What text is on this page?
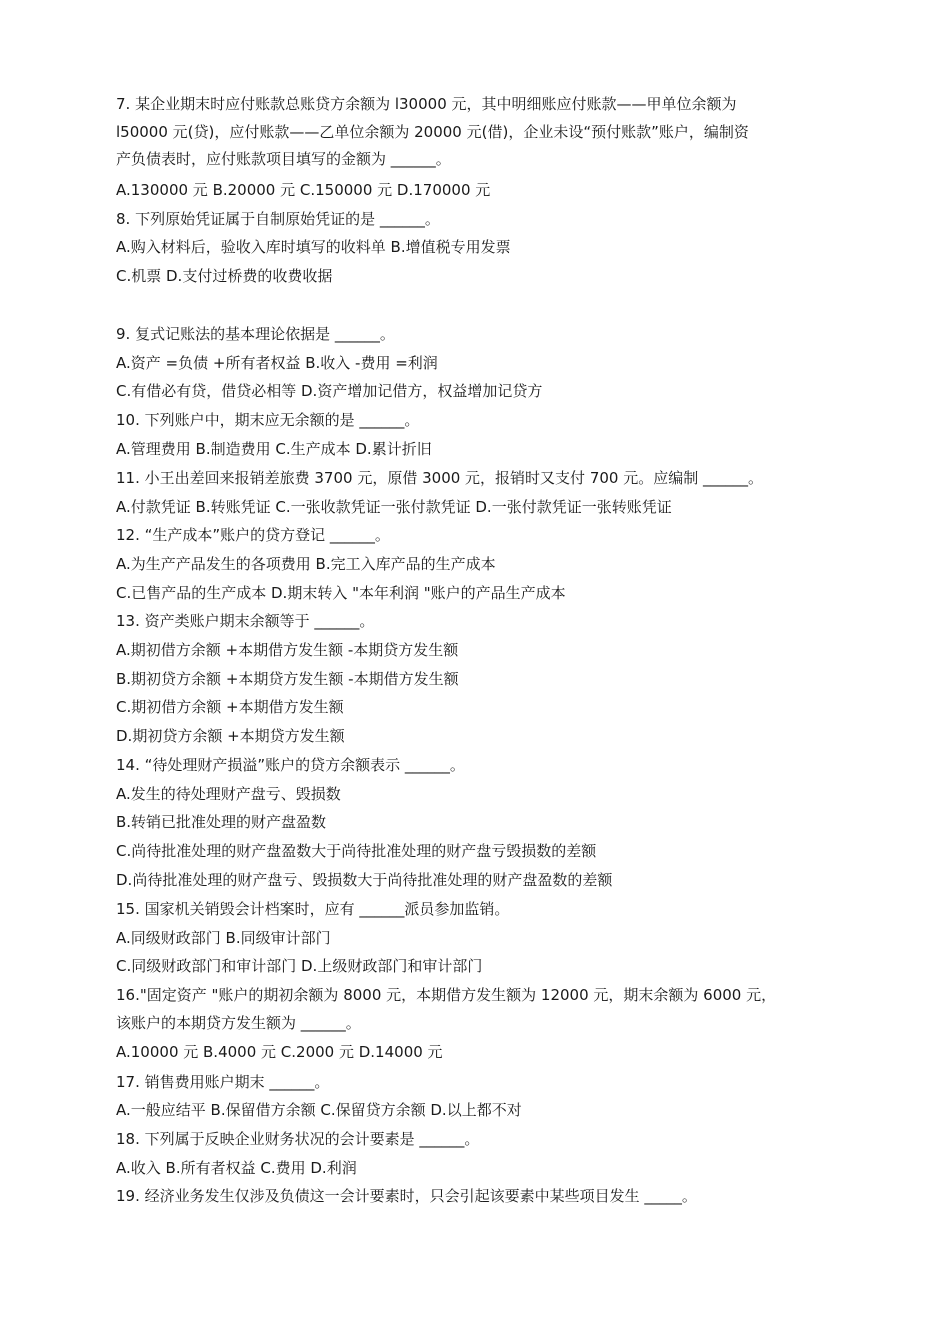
7. 某企业期末时应付账款总账贷方余额为 l30000 元，其中明细账应付账款——甲单位余额为
l50000 元(贷)，应付账款——乙单位余额为 20000 元(借)，企业未设“预付账款”账户，编制资
产负债表时，应付账款项目填写的金额为 ______。
A.130000 元 B.20000 元 C.150000 元 D.170000 元
8. 下列原始凭证属于自制原始凭证的是 ______。
A.购入材料后，验收入库时填写的收料单 B.增值税专用发票
C.机票 D.支付过桥费的收费收据
9. 复式记账法的基本理论依据是 ______。
A.资产 =负债 +所有者权益 B.收入 -费用 =利润
C.有借必有贷，借贷必相等 D.资产增加记借方，权益增加记贷方
10. 下列账户中，期末应无余额的是 ______。
A.管理费用 B.制造费用 C.生产成本 D.累计折旧
11. 小王出差回来报销差旅费 3700 元，原借 3000 元，报销时又支付 700 元。应编制 ______。
A.付款凭证 B.转账凭证 C.一张收款凭证一张付款凭证 D.一张付款凭证一张转账凭证
12. “生产成本”账户的贷方登记 ______。
A.为生产产品发生的各项费用 B.完工入库产品的生产成本
C.已售产品的生产成本 D.期末转入 "本年利润 "账户的产品生产成本
13. 资产类账户期末余额等于 ______。
A.期初借方余额 +本期借方发生额 -本期贷方发生额
B.期初贷方余额 +本期贷方发生额 -本期借方发生额
C.期初借方余额 +本期借方发生额
D.期初贷方余额 +本期贷方发生额
14. “待处理财产损溢”账户的贷方余额表示 ______。
A.发生的待处理财产盘亏、毁损数
B.转销已批准处理的财产盘盈数
C.尚待批准处理的财产盘盈数大于尚待批准处理的财产盘亏毁损数的差额
D.尚待批准处理的财产盘亏、毁损数大于尚待批准处理的财产盘盈数的差额
15. 国家机关销毁会计档案时，应有 ______派员参加监销。
A.同级财政部门 B.同级审计部门
C.同级财政部门和审计部门 D.上级财政部门和审计部门
16."固定资产 "账户的期初余额为 8000 元，本期借方发生额为 12000 元，期末余额为 6000 元，
该账户的本期贷方发生额为 ______。
A.10000 元 B.4000 元 C.2000 元 D.14000 元
17. 销售费用账户期末 ______。
A.一般应结平 B.保留借方余额 C.保留贷方余额 D.以上都不对
18. 下列属于反映企业财务状况的会计要素是 ______。
A.收入 B.所有者权益 C.费用 D.利润
19. 经济业务发生仅涉及负债这一会计要素时，只会引起该要素中某些项目发生 _____。
